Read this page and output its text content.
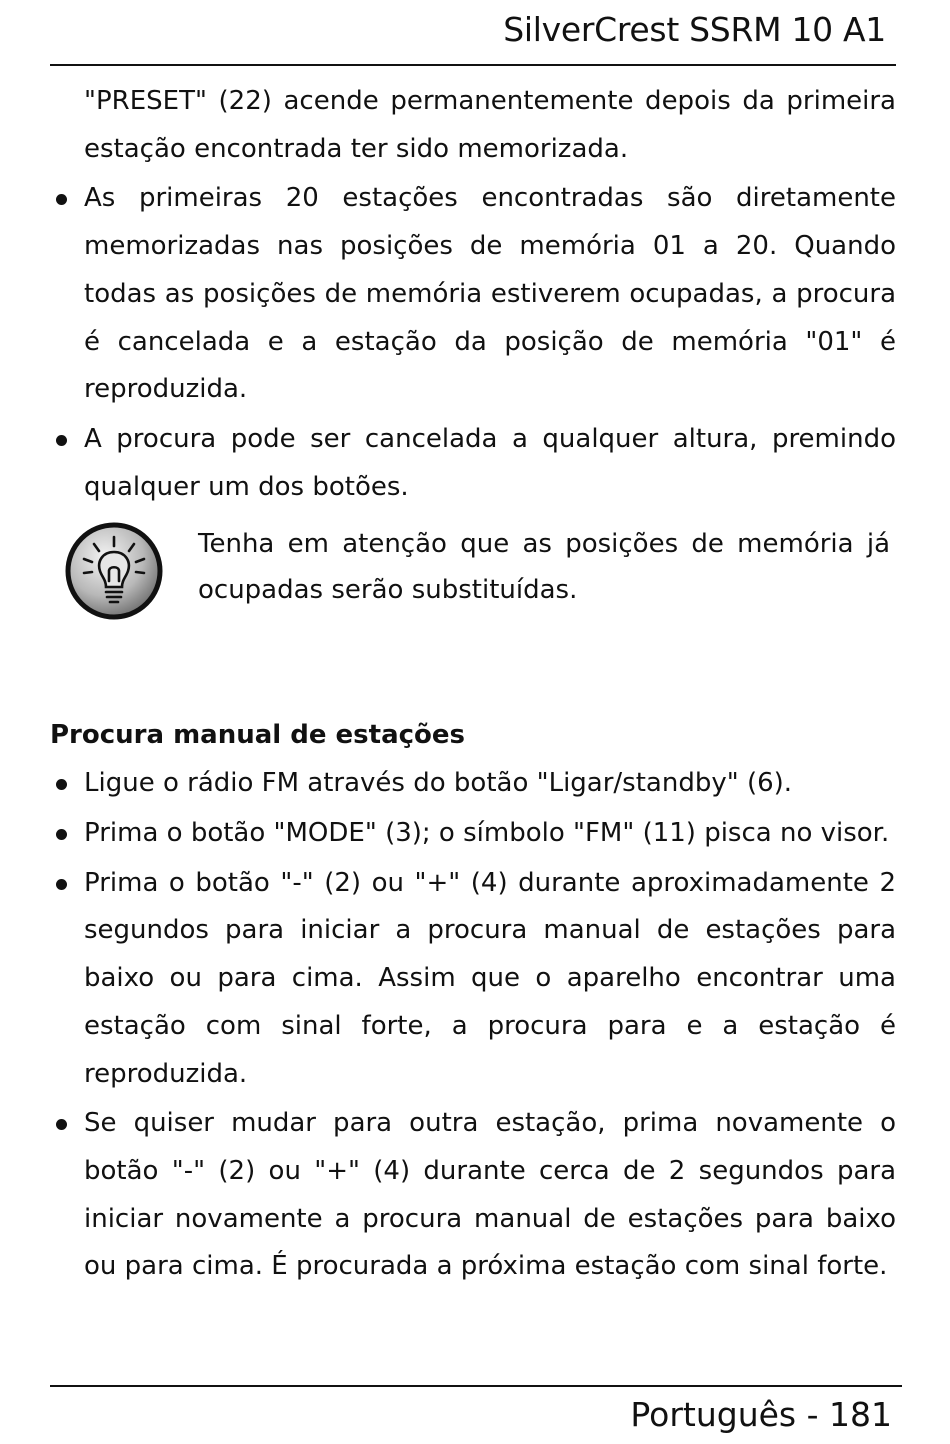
SilverCrest SSRM 10 A1

"PRESET" (22) acende permanentemente depois da primeira estação encontrada ter sido memorizada.

As primeiras 20 estações encontradas são diretamente memorizadas nas posições de memória 01 a 20. Quando todas as posições de memória estiverem ocupadas, a procura é cancelada e a estação da posição de memória "01" é reproduzida.
A procura pode ser cancelada a qualquer altura, premindo qualquer um dos botões.
Tenha em atenção que as posições de memória já ocupadas serão substituídas.
Procura manual de estações
Ligue o rádio FM através do botão "Ligar/standby" (6).
Prima o botão "MODE" (3); o símbolo "FM" (11) pisca no visor.
Prima o botão "-" (2) ou "+" (4) durante aproximadamente 2 segundos para iniciar a procura manual de estações para baixo ou para cima. Assim que o aparelho encontrar uma estação com sinal forte, a procura para e a estação é reproduzida.
Se quiser mudar para outra estação, prima novamente o botão "-" (2) ou "+" (4) durante cerca de 2 segundos para iniciar novamente a procura manual de estações para baixo ou para cima. É procurada a próxima estação com sinal forte.
Português - 181
